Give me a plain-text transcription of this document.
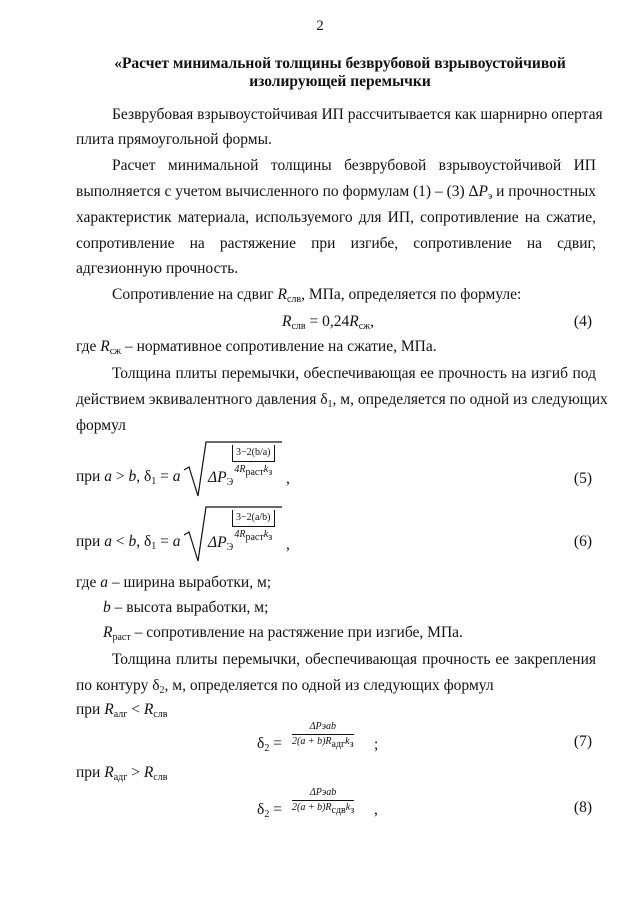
2
«Расчет минимальной толщины безврубовой взрывоустойчивой
изолирующей перемычки
Безврубовая взрывоустойчивая ИП рассчитывается как шарнирно опертая
плита прямоугольной формы.
Расчет минимальной толщины безврубовой взрывоустойчивой ИП
выполняется с учетом вычисленного по формулам (1) – (3) $\Delta P_э$ и прочностных
характеристик материала, используемого для ИП, сопротивление на сжатие,
сопротивление на растяжение при изгибе, сопротивление на сдвиг,
адгезионную прочность.
Сопротивление на сдвиг $R_{слв}$, МПа, определяется по формуле:
$R_{слв} = 0,24R_{сж}$,	(4)
где $R_{сж}$ – нормативное сопротивление на сжатие, МПа.
Толщина плиты перемычки, обеспечивающая ее прочность на изгиб под
действием эквивалентного давления $\delta_1$, м, определяется по одной из следующих
формул
при a > b, $\delta_1 = a$ $\Delta P_Э$
$\frac{3-2(b/a)}{4R_{раст}k_з}$
,	(5)
при a < b, $\delta_1 = a$ $\Delta P_Э$
$\frac{3-2(a/b)}{4R_{раст}k_з}$
,	(6)
где a – ширина выработки, м;
b – высота выработки, м;
$R_{раст}$ – сопротивление на растяжение при изгибе, МПа.
Толщина плиты перемычки, обеспечивающая прочность ее закрепления
по контуру $\delta_2$, м, определяется по одной из следующих формул
при $R_{алг} < R_{слв}$
$\delta_2 = \frac{\text{ΔPэab}}{2(a + b)R_{адг}k_з}$ ;	(7)
при $R_{адг} > R_{слв}$
$\delta_2 = \frac{\text{ΔPэab}}{2(a + b)R_{сдв}k_з}$ ,	(8)
